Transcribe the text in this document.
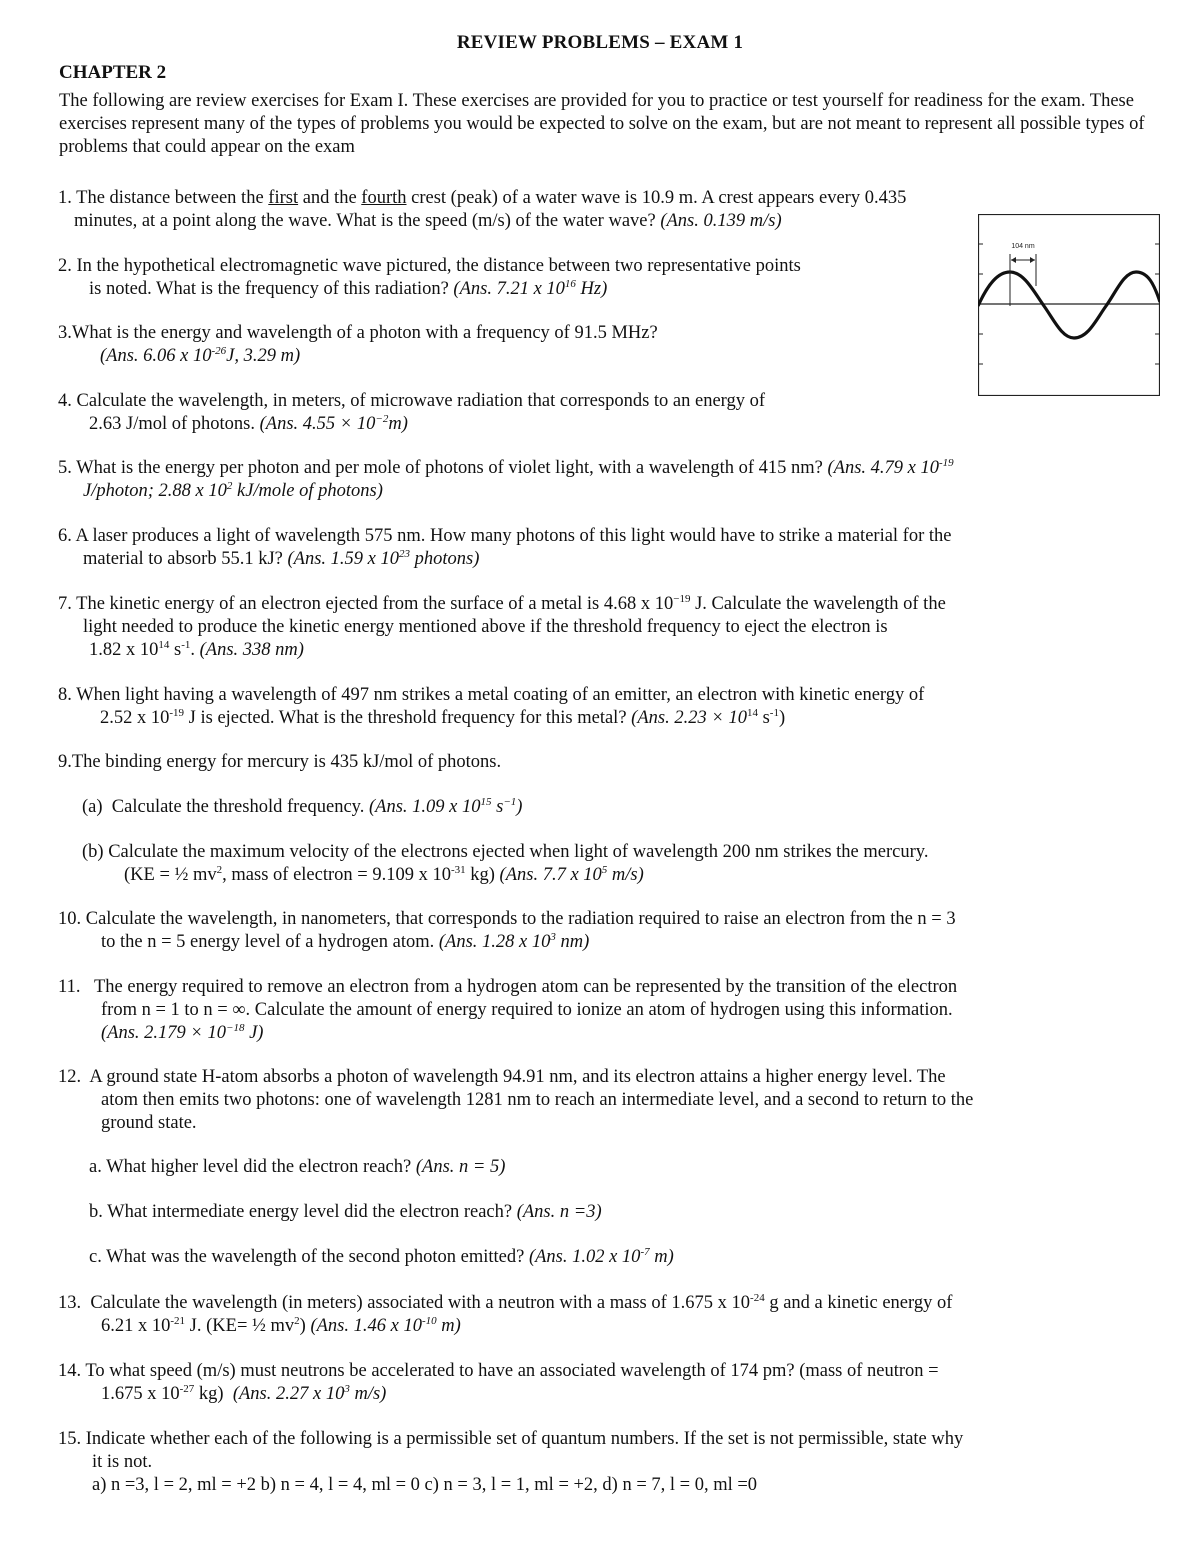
REVIEW PROBLEMS – EXAM 1
CHAPTER 2
The following are review exercises for Exam I. These exercises are provided for you to practice or test yourself for readiness for the exam. These exercises represent many of the types of problems you would be expected to solve on the exam, but are not meant to represent all possible types of problems that could appear on the exam
104 nm
1. The distance between the first and the fourth crest (peak) of a water wave is 10.9 m. A crest appears every 0.435
minutes, at a point along the wave. What is the speed (m/s) of the water wave? (Ans. 0.139 m/s)
2. In the hypothetical electromagnetic wave pictured, the distance between two representative points
is noted. What is the frequency of this radiation? (Ans. 7.21 x $10^{16}$ Hz)
3.What is the energy and wavelength of a photon with a frequency of 91.5 MHz?
(Ans. 6.06 x $10^{-26}J$, 3.29 m)
4. Calculate the wavelength, in meters, of microwave radiation that corresponds to an energy of
2.63 J/mol of photons. (Ans. $4.55 \times 10^{-2}m$)
5. What is the energy per photon and per mole of photons of violet light, with a wavelength of 415 nm? (Ans. 4.79 x $10^{-19}$
J/photon; 2.88 x $10^2$ kJ/mole of photons)
6. A laser produces a light of wavelength 575 nm. How many photons of this light would have to strike a material for the
material to absorb 55.1 kJ? (Ans. 1.59 x $10^{23}$ photons)
7. The kinetic energy of an electron ejected from the surface of a metal is 4.68 x $10^{-19}$ J. Calculate the wavelength of the
light needed to produce the kinetic energy mentioned above if the threshold frequency to eject the electron is
1.82 x $10^{14}$ $s^{-1}$. (Ans. 338 nm)
8. When light having a wavelength of 497 nm strikes a metal coating of an emitter, an electron with kinetic energy of
2.52 x $10^{-19}$ J is ejected. What is the threshold frequency for this metal? (Ans. $2.23 \times 10^{14}$ $s^{-1}$)
9.The binding energy for mercury is 435 kJ/mol of photons.
(a) Calculate the threshold frequency. (Ans. 1.09 x $10^{15}$ $s^{-1}$)
(b) Calculate the maximum velocity of the electrons ejected when light of wavelength 200 nm strikes the mercury.
(KE = ½ $mv^2$, mass of electron = 9.109 x $10^{-31}$ kg) (Ans. 7.7 x $10^5$ m/s)
10. Calculate the wavelength, in nanometers, that corresponds to the radiation required to raise an electron from the n = 3
to the n = 5 energy level of a hydrogen atom. (Ans. 1.28 x $10^3$ nm)
11. The energy required to remove an electron from a hydrogen atom can be represented by the transition of the electron
from n = 1 to n = ∞. Calculate the amount of energy required to ionize an atom of hydrogen using this information.
(Ans. $2.179 \times 10^{-18}$ J)
12. A ground state H-atom absorbs a photon of wavelength 94.91 nm, and its electron attains a higher energy level. The
atom then emits two photons: one of wavelength 1281 nm to reach an intermediate level, and a second to return to the
ground state.
a. What higher level did the electron reach? (Ans. n = 5)
b. What intermediate energy level did the electron reach? (Ans. n =3)
c. What was the wavelength of the second photon emitted? (Ans. 1.02 x $10^{-7}$ m)
13. Calculate the wavelength (in meters) associated with a neutron with a mass of 1.675 x $10^{-24}$ g and a kinetic energy of
6.21 x $10^{-21}$ J. (KE= ½ $mv^2$) (Ans. 1.46 x $10^{-10}$ m)
14. To what speed (m/s) must neutrons be accelerated to have an associated wavelength of 174 pm? (mass of neutron =
1.675 x $10^{-27}$ kg) (Ans. 2.27 x $10^3$ m/s)
15. Indicate whether each of the following is a permissible set of quantum numbers. If the set is not permissible, state why
it is not.
a) n =3, l = 2, ml = +2 b) n = 4, l = 4, ml = 0 c) n = 3, l = 1, ml = +2, d) n = 7, l = 0, ml =0
